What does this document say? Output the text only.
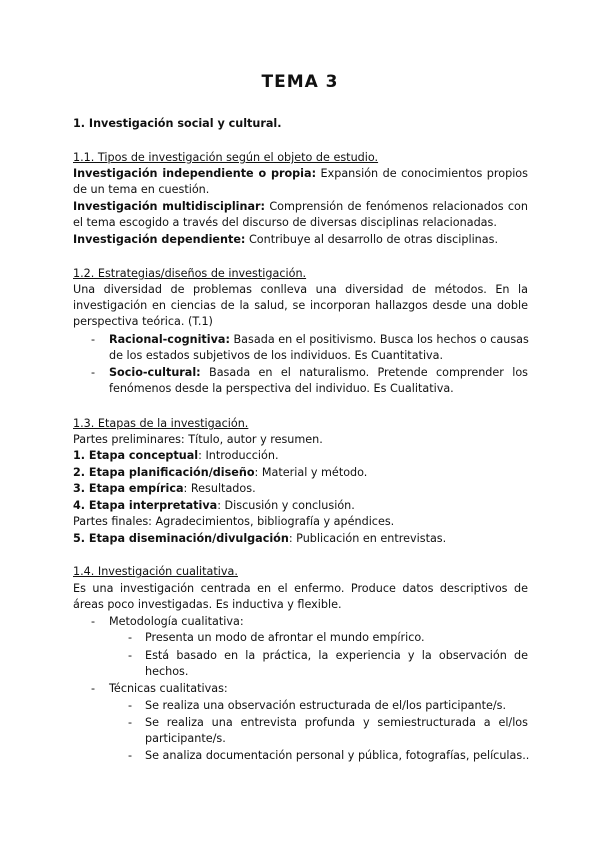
TEMA 3
1. Investigación social y cultural.
1.1. Tipos de investigación según el objeto de estudio.
Investigación independiente o propia: Expansión de conocimientos propios
de un tema en cuestión.
Investigación multidisciplinar: Comprensión de fenómenos relacionados con
el tema escogido a través del discurso de diversas disciplinas relacionadas.
Investigación dependiente: Contribuye al desarrollo de otras disciplinas.
1.2. Estrategias/diseños de investigación.
Una diversidad de problemas conlleva una diversidad de métodos. En la
investigación en ciencias de la salud, se incorporan hallazgos desde una doble
perspectiva teórica. (T.1)
- Racional-cognitiva: Basada en el positivismo. Busca los hechos o causas
de los estados subjetivos de los individuos. Es Cuantitativa.
- Socio-cultural: Basada en el naturalismo. Pretende comprender los
fenómenos desde la perspectiva del individuo. Es Cualitativa.
1.3. Etapas de la investigación.
Partes preliminares: Título, autor y resumen.
1. Etapa conceptual: Introducción.
2. Etapa planificación/diseño: Material y método.
3. Etapa empírica: Resultados.
4. Etapa interpretativa: Discusión y conclusión.
Partes finales: Agradecimientos, bibliografía y apéndices.
5. Etapa diseminación/divulgación: Publicación en entrevistas.
1.4. Investigación cualitativa.
Es una investigación centrada en el enfermo. Produce datos descriptivos de
áreas poco investigadas. Es inductiva y flexible.
- Metodología cualitativa:
- Presenta un modo de afrontar el mundo empírico.
- Está basado en la práctica, la experiencia y la observación de
hechos.
- Técnicas cualitativas:
- Se realiza una observación estructurada de el/los participante/s.
- Se realiza una entrevista profunda y semiestructurada a el/los
participante/s.
- Se analiza documentación personal y pública, fotografías, películas..
